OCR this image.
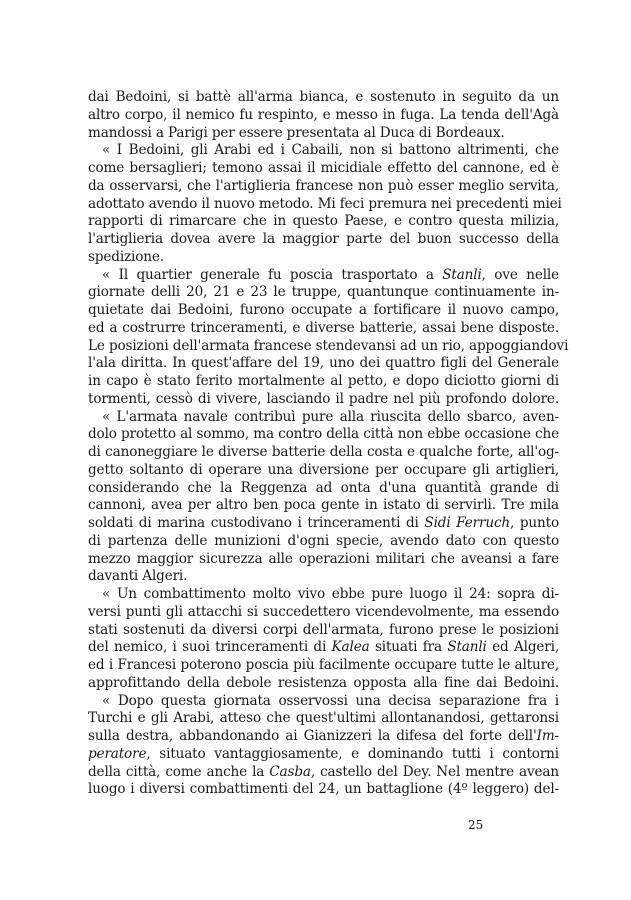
dai Bedoini, si battè all'arma bianca, e sostenuto in seguito da un
altro corpo, il nemico fu respinto, e messo in fuga. La tenda dell'Agà
mandossi a Parigi per essere presentata al Duca di Bordeaux.
« I Bedoini, gli Arabi ed i Cabaili, non si battono altrimenti, che
come bersaglieri; temono assai il micidiale effetto del cannone, ed è
da osservarsi, che l'artiglieria francese non può esser meglio servita,
adottato avendo il nuovo metodo. Mi feci premura nei precedenti miei
rapporti di rimarcare che in questo Paese, e contro questa milizia,
l'artiglieria dovea avere la maggior parte del buon successo della
spedizione.
« Il quartier generale fu poscia trasportato a Stanli, ove nelle
giornate delli 20, 21 e 23 le truppe, quantunque continuamente in-
quietate dai Bedoini, furono occupate a fortificare il nuovo campo,
ed a costrurre trinceramenti, e diverse batterie, assai bene disposte.
Le posizioni dell'armata francese stendevansi ad un rio, appoggiandovi
l'ala diritta. In quest'affare del 19, uno dei quattro figli del Generale
in capo è stato ferito mortalmente al petto, e dopo diciotto giorni di
tormenti, cessò di vivere, lasciando il padre nel più profondo dolore.
« L'armata navale contribuì pure alla riuscita dello sbarco, aven-
dolo protetto al sommo, ma contro della città non ebbe occasione che
di canoneggiare le diverse batterie della costa e qualche forte, all'og-
getto soltanto di operare una diversione per occupare gli artiglieri,
considerando che la Reggenza ad onta d'una quantità grande di
cannoni, avea per altro ben poca gente in istato di servirli. Tre mila
soldati di marina custodivano i trinceramenti di Sidi Ferruch, punto
di partenza delle munizioni d'ogni specie, avendo dato con questo
mezzo maggior sicurezza alle operazioni militari che aveansi a fare
davanti Algeri.
« Un combattimento molto vivo ebbe pure luogo il 24: sopra di-
versi punti gli attacchi si succedettero vicendevolmente, ma essendo
stati sostenuti da diversi corpi dell'armata, furono prese le posizioni
del nemico, i suoi trinceramenti di Kalea situati fra Stanli ed Algeri,
ed i Francesi poterono poscia più facilmente occupare tutte le alture,
approfittando della debole resistenza opposta alla fine dai Bedoini.
« Dopo questa giornata osservossi una decisa separazione fra i
Turchi e gli Arabi, atteso che quest'ultimi allontanandosi, gettaronsi
sulla destra, abbandonando ai Gianizzeri la difesa del forte dell'Im-
peratore, situato vantaggiosamente, e dominando tutti i contorni
della città, come anche la Casba, castello del Dey. Nel mentre avean
luogo i diversi combattimenti del 24, un battaglione (4º leggero) del-
25
